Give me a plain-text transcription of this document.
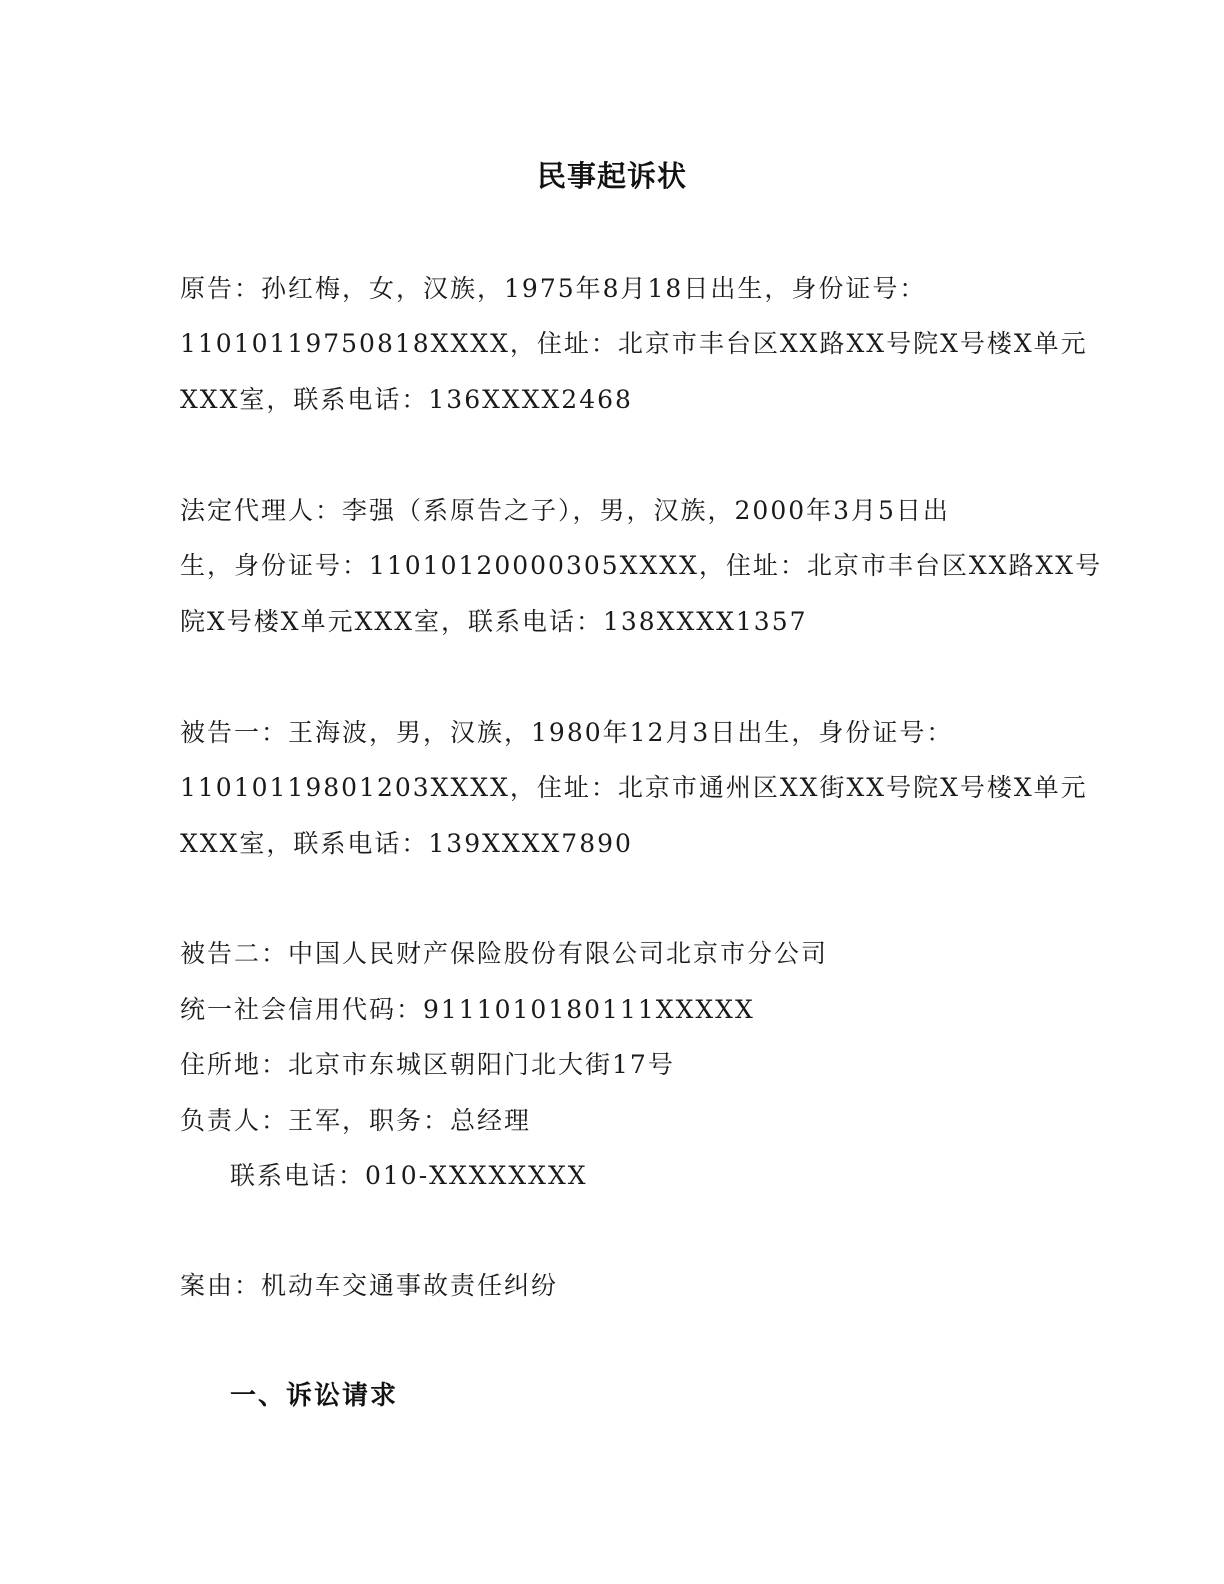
民事起诉状
原告：孙红梅，女，汉族，1975年8月18日出生，身份证号：
11010119750818XXXX，住址：北京市丰台区XX路XX号院X号楼X单元
XXX室，联系电话：136XXXX2468
法定代理人：李强（系原告之子），男，汉族，2000年3月5日出
生，身份证号：11010120000305XXXX，住址：北京市丰台区XX路XX号
院X号楼X单元XXX室，联系电话：138XXXX1357
被告一：王海波，男，汉族，1980年12月3日出生，身份证号：
11010119801203XXXX，住址：北京市通州区XX街XX号院X号楼X单元
XXX室，联系电话：139XXXX7890
被告二：中国人民财产保险股份有限公司北京市分公司
统一社会信用代码：9111010180111XXXXX
住所地：北京市东城区朝阳门北大街17号
负责人：王军，职务：总经理
联系电话：010-XXXXXXXX
案由：机动车交通事故责任纠纷
一、诉讼请求
